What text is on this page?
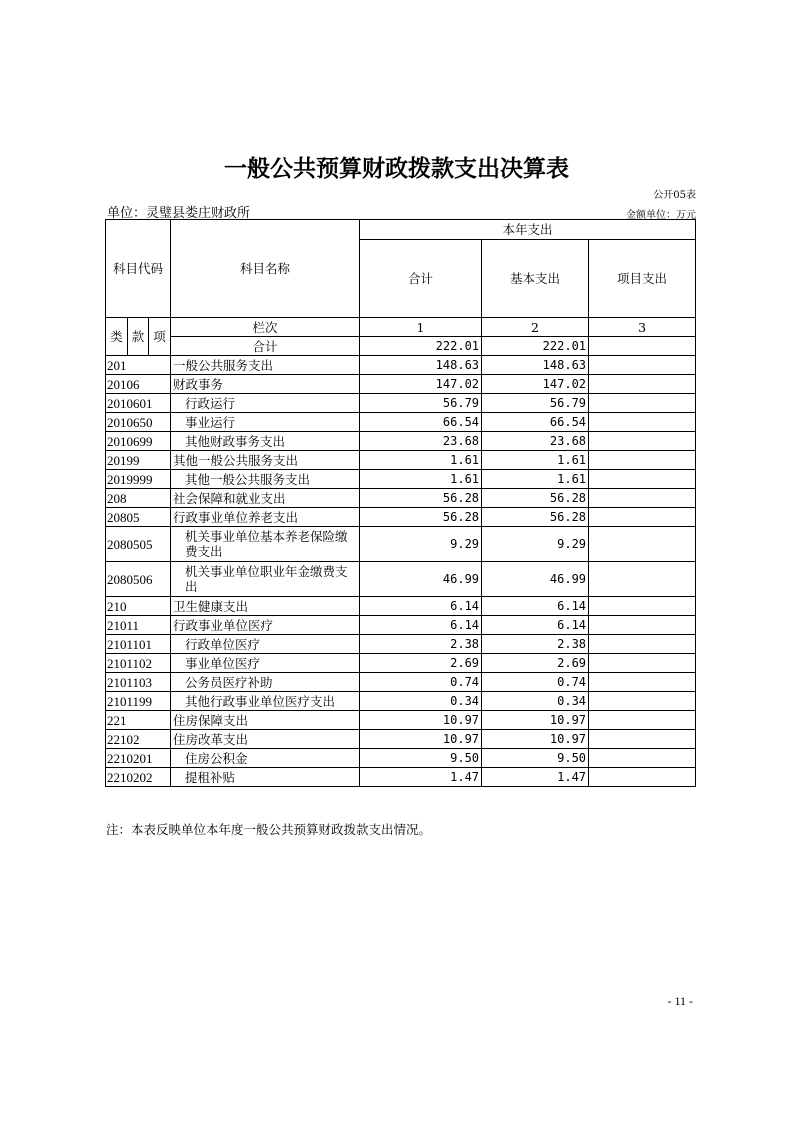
一般公共预算财政拨款支出决算表
公开05表
单位：灵璧县娄庄财政所	金额单位：万元
科目代码			科目名称	本年支出		
				合计	基本支出	项目支出
类	款	项	栏次	1	2	3
			合计	222.01	222.01	
201			一般公共服务支出	148.63	148.63	
20106			财政事务	147.02	147.02	
2010601			行政运行	56.79	56.79	
2010650			事业运行	66.54	66.54	
2010699			其他财政事务支出	23.68	23.68	
20199			其他一般公共服务支出	1.61	1.61	
2019999			其他一般公共服务支出	1.61	1.61	
208			社会保障和就业支出	56.28	56.28	
20805			行政事业单位养老支出	56.28	56.28	
2080505			机关事业单位基本养老保险缴费支出	9.29	9.29	
2080506			机关事业单位职业年金缴费支出	46.99	46.99	
210			卫生健康支出	6.14	6.14	
21011			行政事业单位医疗	6.14	6.14	
2101101			行政单位医疗	2.38	2.38	
2101102			事业单位医疗	2.69	2.69	
2101103			公务员医疗补助	0.74	0.74	
2101199			其他行政事业单位医疗支出	0.34	0.34	
221			住房保障支出	10.97	10.97	
22102			住房改革支出	10.97	10.97	
2210201			住房公积金	9.50	9.50	
2210202			提租补贴	1.47	1.47	
注：本表反映单位本年度一般公共预算财政拨款支出情况。
- 11 -
